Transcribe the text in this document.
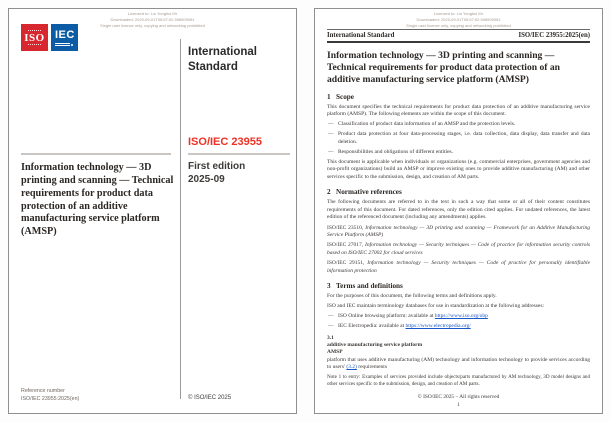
Licensed to: Liu Yonghui Mr
Downloaded: 2025-09-01T05:57:02.598909081
Single user licence only, copying and networking prohibited
ISO IEC
International Standard
ISO/IEC 23955
First edition
2025-09
Information technology — 3D printing and scanning — Technical requirements for product data protection of an additive manufacturing service platform (AMSP)
Reference number
ISO/IEC 23955:2025(en)	© ISO/IEC 2025
Licensed to: Liu Yonghui Mr
Downloaded: 2025-09-01T05:57:02.598909081
Single user licence only, copying and networking prohibited
International Standard	ISO/IEC 23955:2025(en)
Information technology — 3D printing and scanning — Technical requirements for product data protection of an additive manufacturing service platform (AMSP)
1 Scope
This document specifies the technical requirements for product data protection of an additive manufacturing service platform (AMSP). The following elements are within the scope of this document.
— Classification of product data information of an AMSP and the protection levels.
— Product data protection at four data-processing stages, i.e. data collection, data display, data transfer and data deletion.
— Responsibilities and obligations of different entities.
This document is applicable when individuals or organizations (e.g. commercial enterprises, government agencies and non-profit organizations) build an AMSP or improve existing ones to provide additive manufacturing (AM) and other services specific to the submission, design, and creation of AM parts.
2 Normative references
The following documents are referred to in the text in such a way that some or all of their content constitutes requirements of this document. For dated references, only the edition cited applies. For undated references, the latest edition of the referenced document (including any amendments) applies.
ISO/IEC 23510, Information technology — 3D printing and scanning — Framework for an Additive Manufacturing Service Platform (AMSP)
ISO/IEC 27017, Information technology — Security techniques — Code of practice for information security controls based on ISO/IEC 27002 for cloud services
ISO/IEC 29151, Information technology — Security techniques — Code of practice for personally identifiable information protection
3 Terms and definitions
For the purposes of this document, the following terms and definitions apply.
ISO and IEC maintain terminology databases for use in standardization at the following addresses:
— ISO Online browsing platform: available at https://www.iso.org/obp
— IEC Electropedia: available at https://www.electropedia.org/
3.1
additive manufacturing service platform
AMSP
platform that uses additive manufacturing (AM) technology and information technology to provide services according to users' (3.2) requirements
Note 1 to entry: Examples of services provided include objects/parts manufactured by AM technology, 3D model designs and other services specific to the submission, design, and creation of AM parts.
© ISO/IEC 2025 – All rights reserved
1
